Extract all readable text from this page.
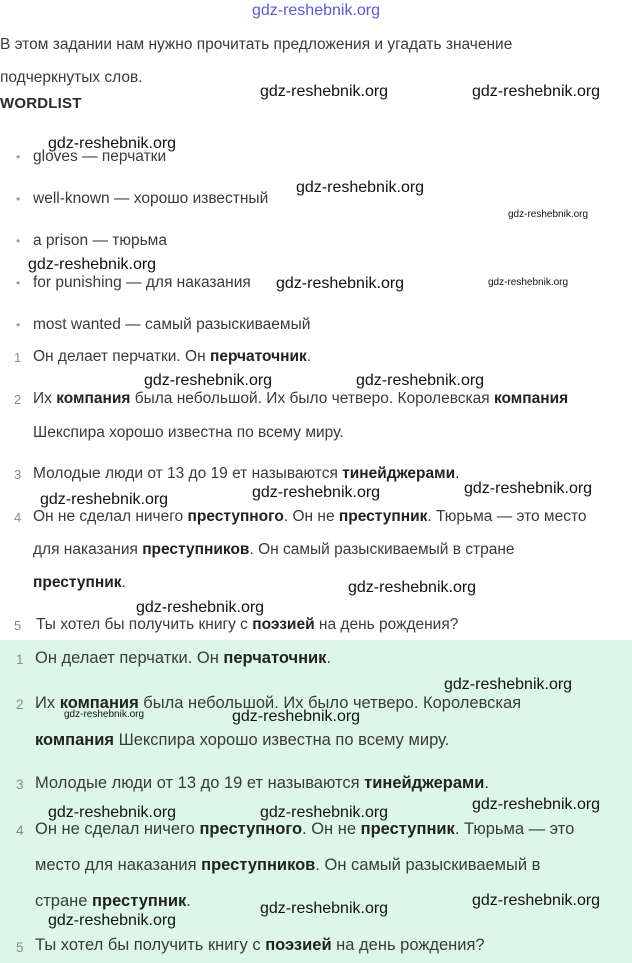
gdz-reshebnik.org
В этом задании нам нужно прочитать предложения и угадать значение подчеркнутых слов.
WORDLIST
• gloves — перчатки
• well-known — хорошо известный
• a prison — тюрьма
• for punishing — для наказания
• most wanted — самый разыскиваемый
1 Он делает перчатки. Он перчаточник.
2 Их компания была небольшой. Их было четверо. Королевская компания
Шекспира хорошо известна по всему миру.
3 Молодые люди от 13 до 19 ет называются тинейджерами.
4 Он не сделал ничего преступного. Он не преступник. Тюрьма — это место
для наказания преступников. Он самый разыскиваемый в стране
преступник.
5 Ты хотел бы получить книгу с поэзией на день рождения?
1 Он делает перчатки. Он перчаточник.
2 Их компания была небольшой. Их было четверо. Королевская
компания Шекспира хорошо известна по всему миру.
3 Молодые люди от 13 до 19 ет называются тинейджерами.
4 Он не сделал ничего преступного. Он не преступник. Тюрьма — это
место для наказания преступников. Он самый разыскиваемый в
стране преступник.
5 Ты хотел бы получить книгу с поэзией на день рождения?
gdz-reshebnik.org	gdz-reshebnik.org
gdz-reshebnik.org
gdz-reshebnik.org
gdz-reshebnik.org
gdz-reshebnik.org
gdz-reshebnik.org	gdz-reshebnik.org
gdz-reshebnik.org	gdz-reshebnik.org
gdz-reshebnik.org	gdz-reshebnik.org	gdz-reshebnik.org
gdz-reshebnik.org
gdz-reshebnik.org
gdz-reshebnik.org
gdz-reshebnik.org	gdz-reshebnik.org
gdz-reshebnik.org	gdz-reshebnik.org	gdz-reshebnik.org
gdz-reshebnik.org
gdz-reshebnik.org
gdz-reshebnik.org
